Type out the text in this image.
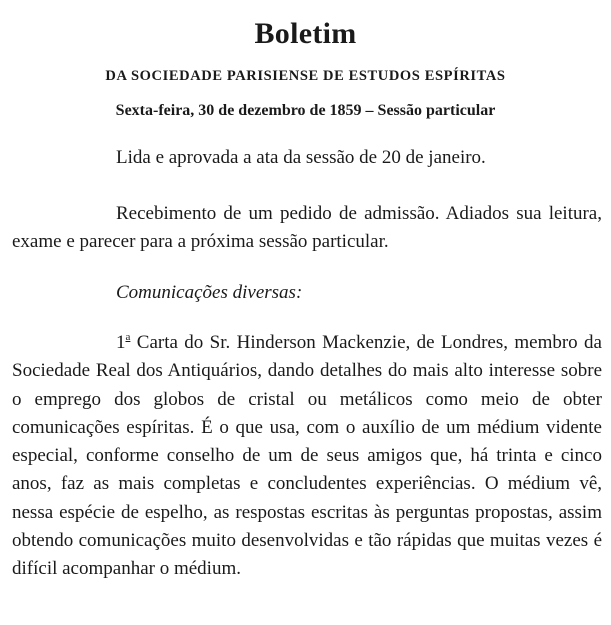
Boletim
DA SOCIEDADE PARISIENSE DE ESTUDOS ESPÍRITAS
Sexta-feira, 30 de dezembro de 1859 – Sessão particular

Lida e aprovada a ata da sessão de 20 de janeiro.

Recebimento de um pedido de admissão. Adiados sua leitura, exame e parecer para a próxima sessão particular.

Comunicações diversas:

1$^a$ Carta do Sr. Hinderson Mackenzie, de Londres, membro da Sociedade Real dos Antiquários, dando detalhes do mais alto interesse sobre o emprego dos globos de cristal ou metálicos como meio de obter comunicações espíritas. É o que usa, com o auxílio de um médium vidente especial, conforme conselho de um de seus amigos que, há trinta e cinco anos, faz as mais completas e concludentes experiências. O médium vê, nessa espécie de espelho, as respostas escritas às perguntas propostas, assim obtendo comunicações muito desenvolvidas e tão rápidas que muitas vezes é difícil acompanhar o médium.
